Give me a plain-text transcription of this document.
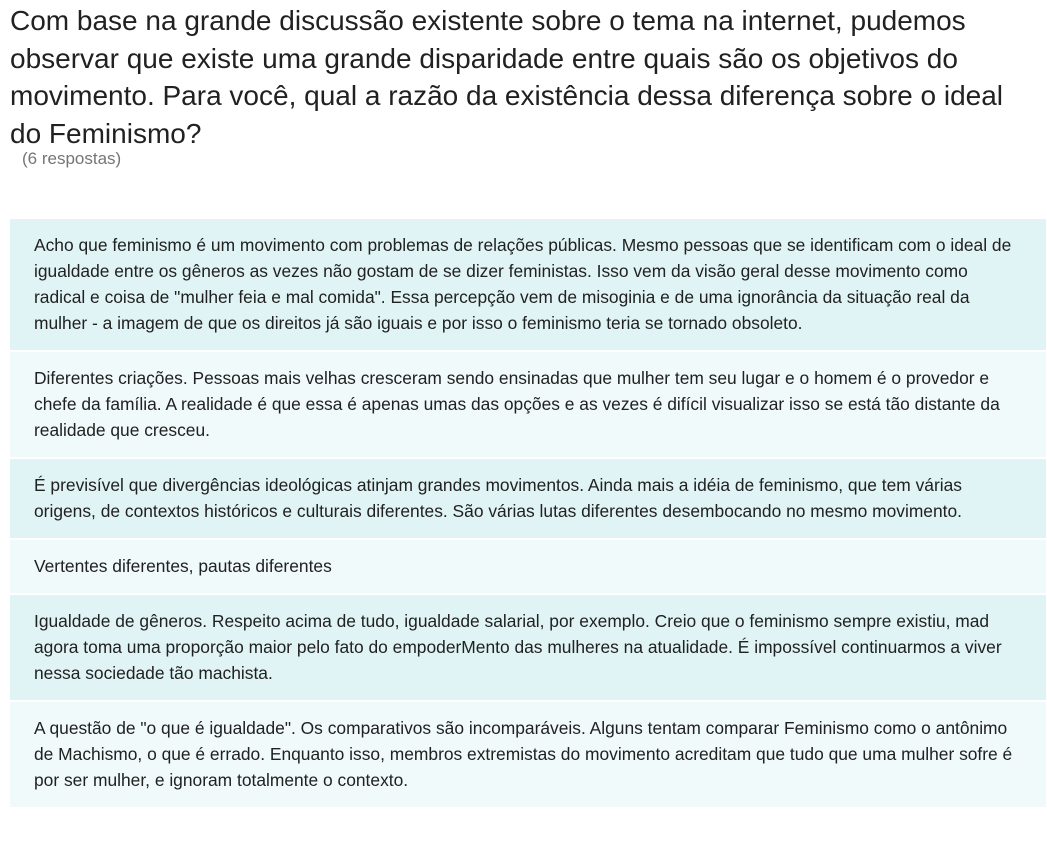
Com base na grande discussão existente sobre o tema na internet, pudemos observar que existe uma grande disparidade entre quais são os objetivos do movimento. Para você, qual a razão da existência dessa diferença sobre o ideal do Feminismo?
(6 respostas)
Acho que feminismo é um movimento com problemas de relações públicas. Mesmo pessoas que se identificam com o ideal de igualdade entre os gêneros as vezes não gostam de se dizer feministas. Isso vem da visão geral desse movimento como radical e coisa de "mulher feia e mal comida". Essa percepção vem de misoginia e de uma ignorância da situação real da mulher - a imagem de que os direitos já são iguais e por isso o feminismo teria se tornado obsoleto.
Diferentes criações. Pessoas mais velhas cresceram sendo ensinadas que mulher tem seu lugar e o homem é o provedor e chefe da família. A realidade é que essa é apenas umas das opções e as vezes é difícil visualizar isso se está tão distante da realidade que cresceu.
É previsível que divergências ideológicas atinjam grandes movimentos. Ainda mais a idéia de feminismo, que tem várias origens, de contextos históricos e culturais diferentes. São várias lutas diferentes desembocando no mesmo movimento.
Vertentes diferentes, pautas diferentes
Igualdade de gêneros. Respeito acima de tudo, igualdade salarial, por exemplo. Creio que o feminismo sempre existiu, mad agora toma uma proporção maior pelo fato do empoderMento das mulheres na atualidade. É impossível continuarmos a viver nessa sociedade tão machista.
A questão de "o que é igualdade". Os comparativos são incomparáveis. Alguns tentam comparar Feminismo como o antônimo de Machismo, o que é errado. Enquanto isso, membros extremistas do movimento acreditam que tudo que uma mulher sofre é por ser mulher, e ignoram totalmente o contexto.
